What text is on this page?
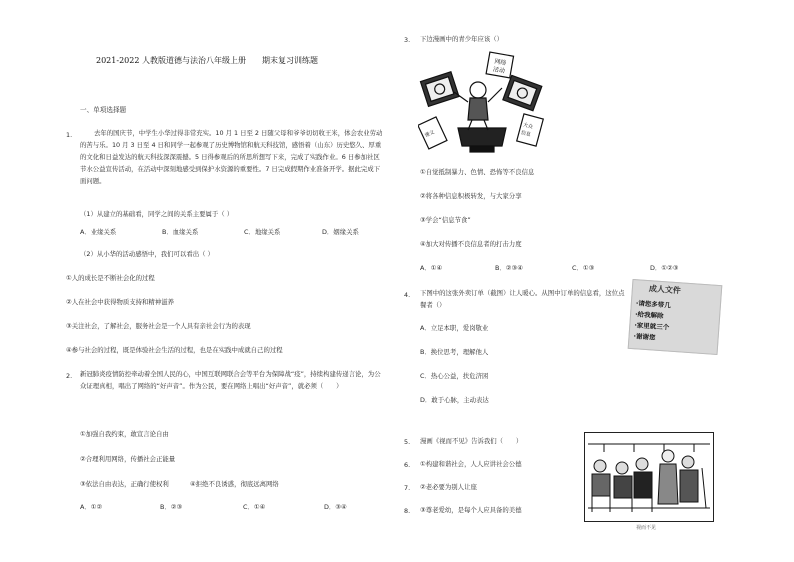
2021-2022 人教版道德与法治八年级上册　　期末复习训练题
一、单项选择题
1.	去年的国庆节，中学生小华过得非常充实。10 月 1 日至 2 日随父母和爷爷切切收王米，体会农业劳动的苦与乐。10 月 3 日至 4 日和同学一起参观了历史博物馆和航天科技馆，感悟着（山东）历史悠久、厚重的文化和日益发达的航天科技深深震撼。5 日得参观后的所思所想写下来，完成了实践作业。6 日参加社区节水公益宣传活动，在活动中深刻地感受到保护水资源的重要性。7 日完成假期作业准备开学。据此完成下面问题。
（1）从建立的基础看，同学之间的关系主要属于（ ）
A．业缘关系	B．血缘关系	C．地缘关系	D．姻缘关系
（2）从小华的活动感悟中，我们可以看出（ ）
①人的成长是不断社会化的过程
②人在社会中获得物质支持和精神滋养
③关注社会，了解社会，服务社会是一个人具有亲社会行为的表现
④参与社会的过程，既是体验社会生活的过程，也是在实践中成就自己的过程
2. 新冠肺炎疫情防控牵动着全国人民的心，中国互联网联合会等平台为保障战“疫”，持续构建传递言论，为公众证理真相，唱出了网络的“好声音”。作为公民，要在网络上唱出“好声音”，就必须（　　）
①加强自我约束，敢宣言论自由
②合理利用网络，传播社会正能量
③依法自由表达，正确行使权利	④拒绝不良诱惑，彻底远离网络
A．①②	B．②③	C．①④	D．③④
3. 下边漫画中的青少年应该（）
网络
活动
课文
大众
信息
①自觉抵制暴力、色情、恐怖等不良信息
②将各种信息积极转发，与大家分享
③学会“信息节食”
④加大对传播不良信息者的打击力度
A．①④	B．②③④	C．①③	D．①②③
4. 下图中的这张外卖订单（截图）让人暖心。从图中订单的信息看，这位点餐者（）
成人文件
·请您多带几
·给我解除
·家里就三个
·谢谢您
A．立足本职，爱岗敬业
B．换位思考，理解他人
C．热心公益，扶危济困
D．敢于心脉，主动表达
5. 漫画《视而不见》告诉我们（　　）
6. ①构建和谐社会，人人应讲社会公德
7. ②老必要为别人让座
8. ③尊老爱幼，是每个人应具备的美德
视而不见
